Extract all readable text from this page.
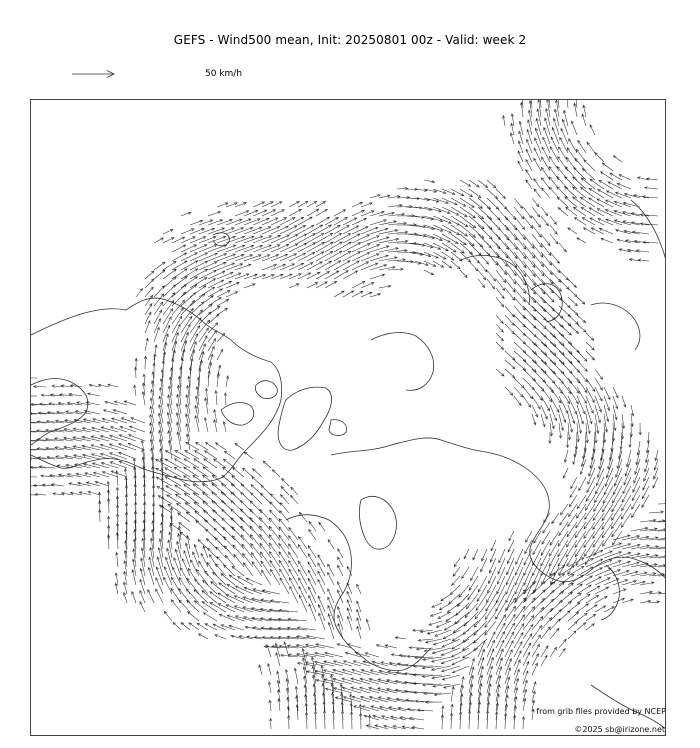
GEFS - Wind500 mean, Init: 20250801 00z - Valid: week 2
50 km/h
from grib files provided by NCEP
©2025 sb@irizone.net
